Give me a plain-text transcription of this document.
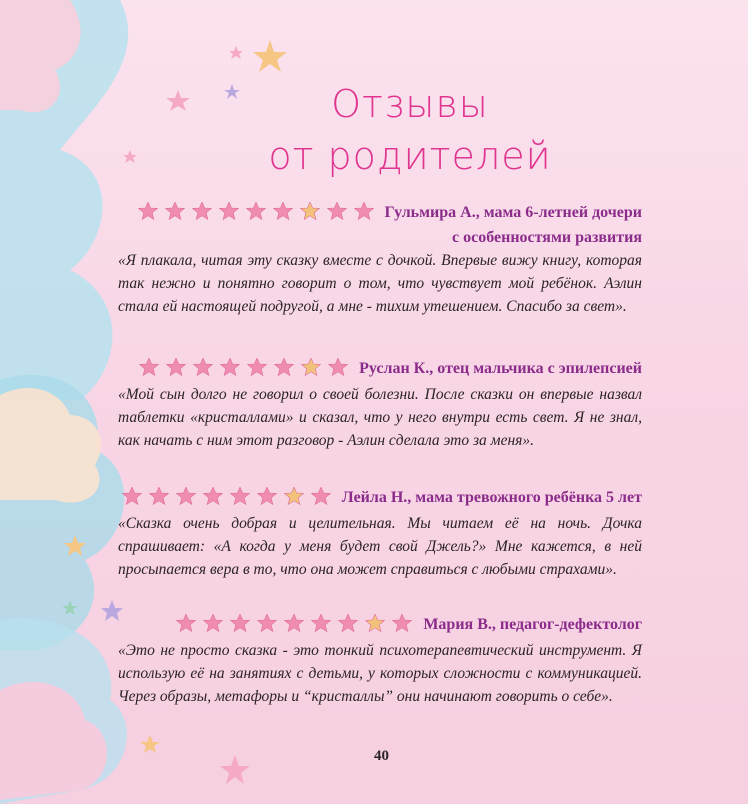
Отзывы
от родителей
Гульмира А., мама 6-летней дочери
с особенностями развития

«Я плакала, читая эту сказку вместе с дочкой. Впервые вижу книгу, которая так нежно и понятно говорит о том, что чувствует мой ребёнок. Аэлин стала ей настоящей подругой, а мне - тихим утешением. Спасибо за свет».

Руслан К., отец мальчика с эпилепсией

«Мой сын долго не говорил о своей болезни. После сказки он впервые назвал таблетки «кристаллами» и сказал, что у него внутри есть свет. Я не знал, как начать с ним этот разговор - Аэлин сделала это за меня».

Лейла Н., мама тревожного ребёнка 5 лет

«Сказка очень добрая и целительная. Мы читаем её на ночь. Дочка спрашивает: «А когда у меня будет свой Джель?» Мне кажется, в ней просыпается вера в то, что она может справиться с любыми страхами».

Мария В., педагог-дефектолог

«Это не просто сказка - это тонкий психотерапевтический инструмент. Я использую её на занятиях с детьми, у которых сложности с коммуникацией. Через образы, метафоры и “кристаллы” они начинают говорить о себе».

40
